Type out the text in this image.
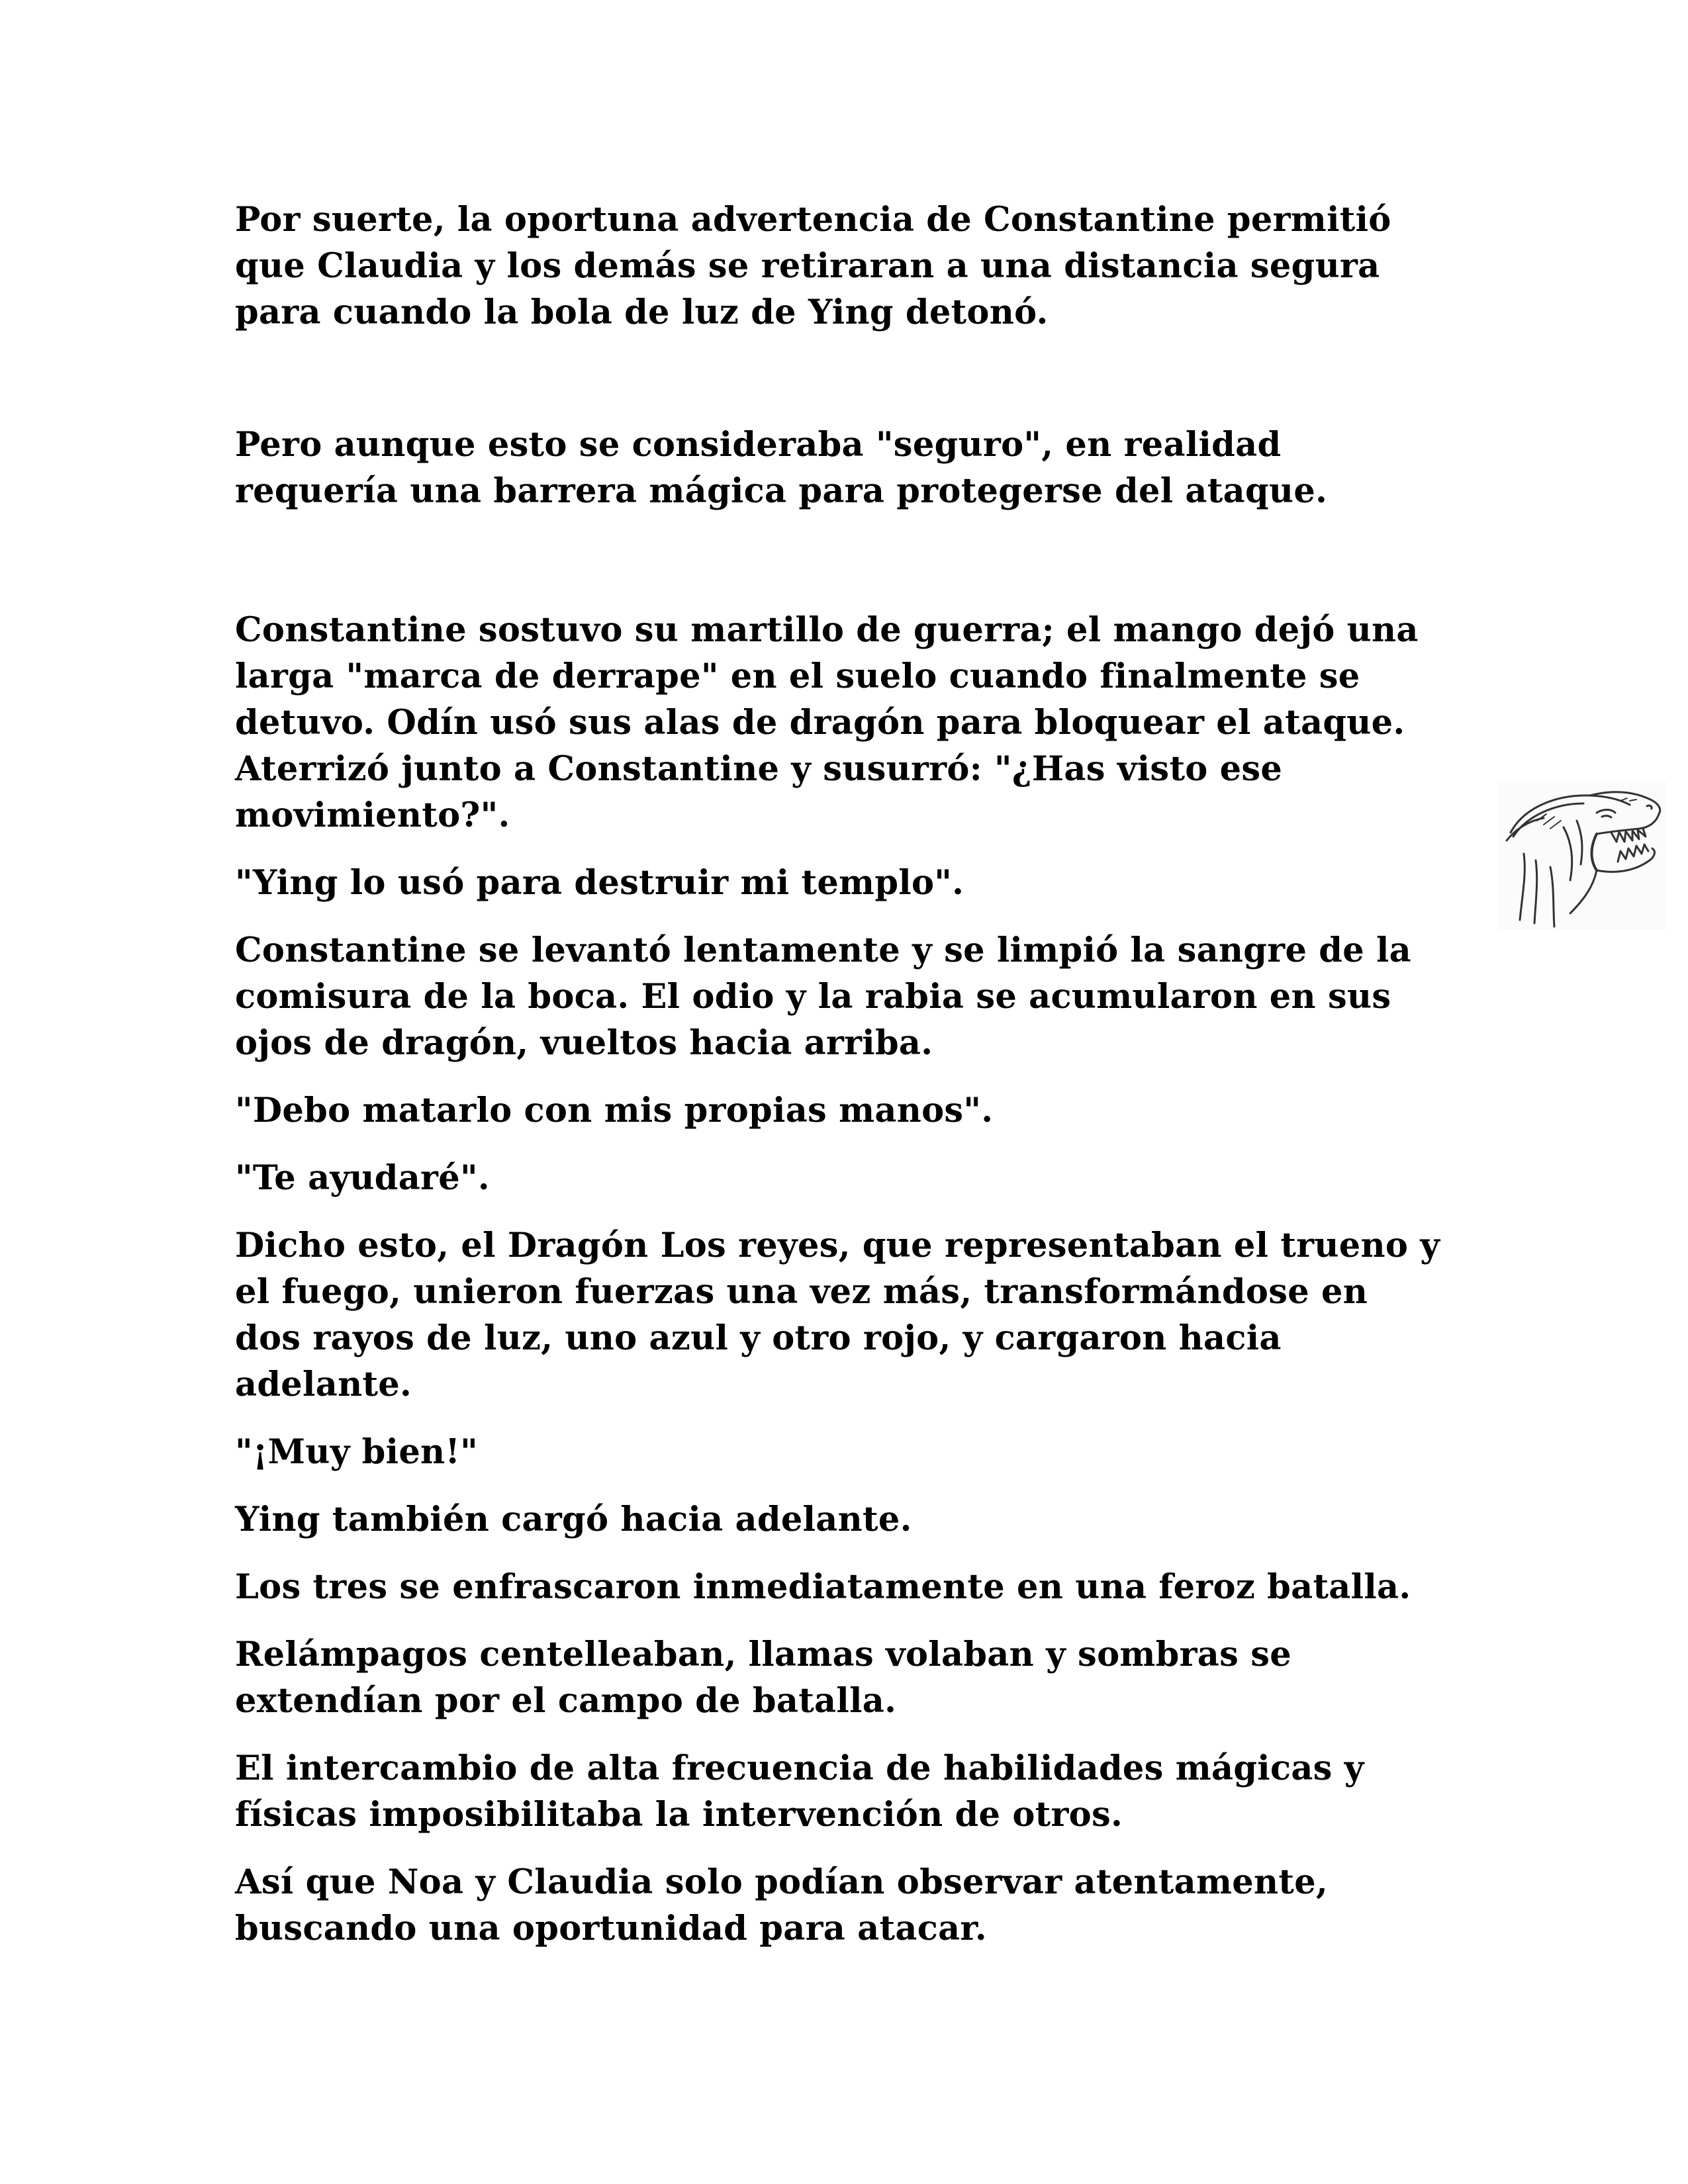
Por suerte, la oportuna advertencia de Constantine permitió
que Claudia y los demás se retiraran a una distancia segura
para cuando la bola de luz de Ying detonó.

Pero aunque esto se consideraba "seguro", en realidad
requería una barrera mágica para protegerse del ataque.

Constantine sostuvo su martillo de guerra; el mango dejó una
larga "marca de derrape" en el suelo cuando finalmente se
detuvo. Odín usó sus alas de dragón para bloquear el ataque.
Aterrizó junto a Constantine y susurró: "¿Has visto ese
movimiento?".

"Ying lo usó para destruir mi templo".

Constantine se levantó lentamente y se limpió la sangre de la
comisura de la boca. El odio y la rabia se acumularon en sus
ojos de dragón, vueltos hacia arriba.

"Debo matarlo con mis propias manos".

"Te ayudaré".

Dicho esto, el Dragón Los reyes, que representaban el trueno y
el fuego, unieron fuerzas una vez más, transformándose en
dos rayos de luz, uno azul y otro rojo, y cargaron hacia
adelante.

"¡Muy bien!"

Ying también cargó hacia adelante.

Los tres se enfrascaron inmediatamente en una feroz batalla.

Relámpagos centelleaban, llamas volaban y sombras se
extendían por el campo de batalla.

El intercambio de alta frecuencia de habilidades mágicas y
físicas imposibilitaba la intervención de otros.

Así que Noa y Claudia solo podían observar atentamente,
buscando una oportunidad para atacar.
